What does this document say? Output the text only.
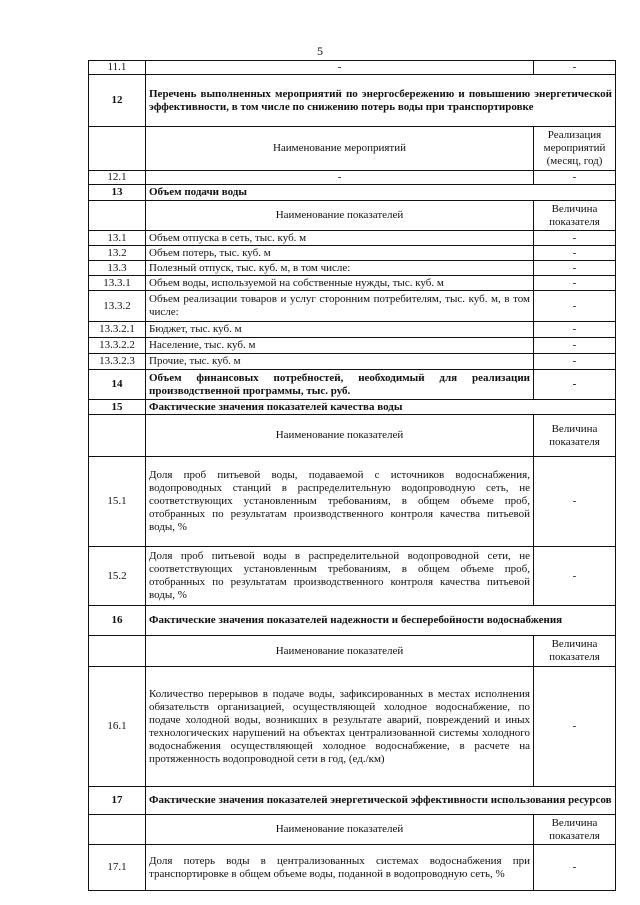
5
11.1	-	-
12	Перечень выполненных мероприятий по энергосбережению и повышению энергетической эффективности, в том числе по снижению потерь воды при транспортировке	
	Наименование мероприятий	Реализация мероприятий (месяц, год)
12.1	-	-
13	Объем подачи воды	
	Наименование показателей	Величина показателя
13.1	Объем отпуска в сеть, тыс. куб. м	-
13.2	Объем потерь, тыс. куб. м	-
13.3	Полезный отпуск, тыс. куб. м, в том числе:	-
13.3.1	Объем воды, используемой на собственные нужды, тыс. куб. м	-
13.3.2	Объем реализации товаров и услуг сторонним потребителям, тыс. куб. м, в том числе:	-
13.3.2.1	Бюджет, тыс. куб. м	-
13.3.2.2	Население, тыс. куб. м	-
13.3.2.3	Прочие, тыс. куб. м	-
14	Объем финансовых потребностей, необходимый для реализации производственной программы, тыс. руб.	-
15	Фактические значения показателей качества воды	
	Наименование показателей	Величина показателя
15.1	Доля проб питьевой воды, подаваемой с источников водоснабжения, водопроводных станций в распределительную водопроводную сеть, не соответствующих установленным требованиям, в общем объеме проб, отобранных по результатам производственного контроля качества питьевой воды, %	-
15.2	Доля проб питьевой воды в распределительной водопроводной сети, не соответствующих установленным требованиям, в общем объеме проб, отобранных по результатам производственного контроля качества питьевой воды, %	-
16	Фактические значения показателей надежности и бесперебойности водоснабжения	
	Наименование показателей	Величина показателя
16.1	Количество перерывов в подаче воды, зафиксированных в местах исполнения обязательств организацией, осуществляющей холодное водоснабжение, по подаче холодной воды, возникших в результате аварий, повреждений и иных технологических нарушений на объектах централизованной системы холодного водоснабжения осуществляющей холодное водоснабжение, в расчете на протяженность водопроводной сети в год, (ед./км)	-
17	Фактические значения показателей энергетической эффективности использования ресурсов	
	Наименование показателей	Величина показателя
17.1	Доля потерь воды в централизованных системах водоснабжения при транспортировке в общем объеме воды, поданной в водопроводную сеть, %	-
